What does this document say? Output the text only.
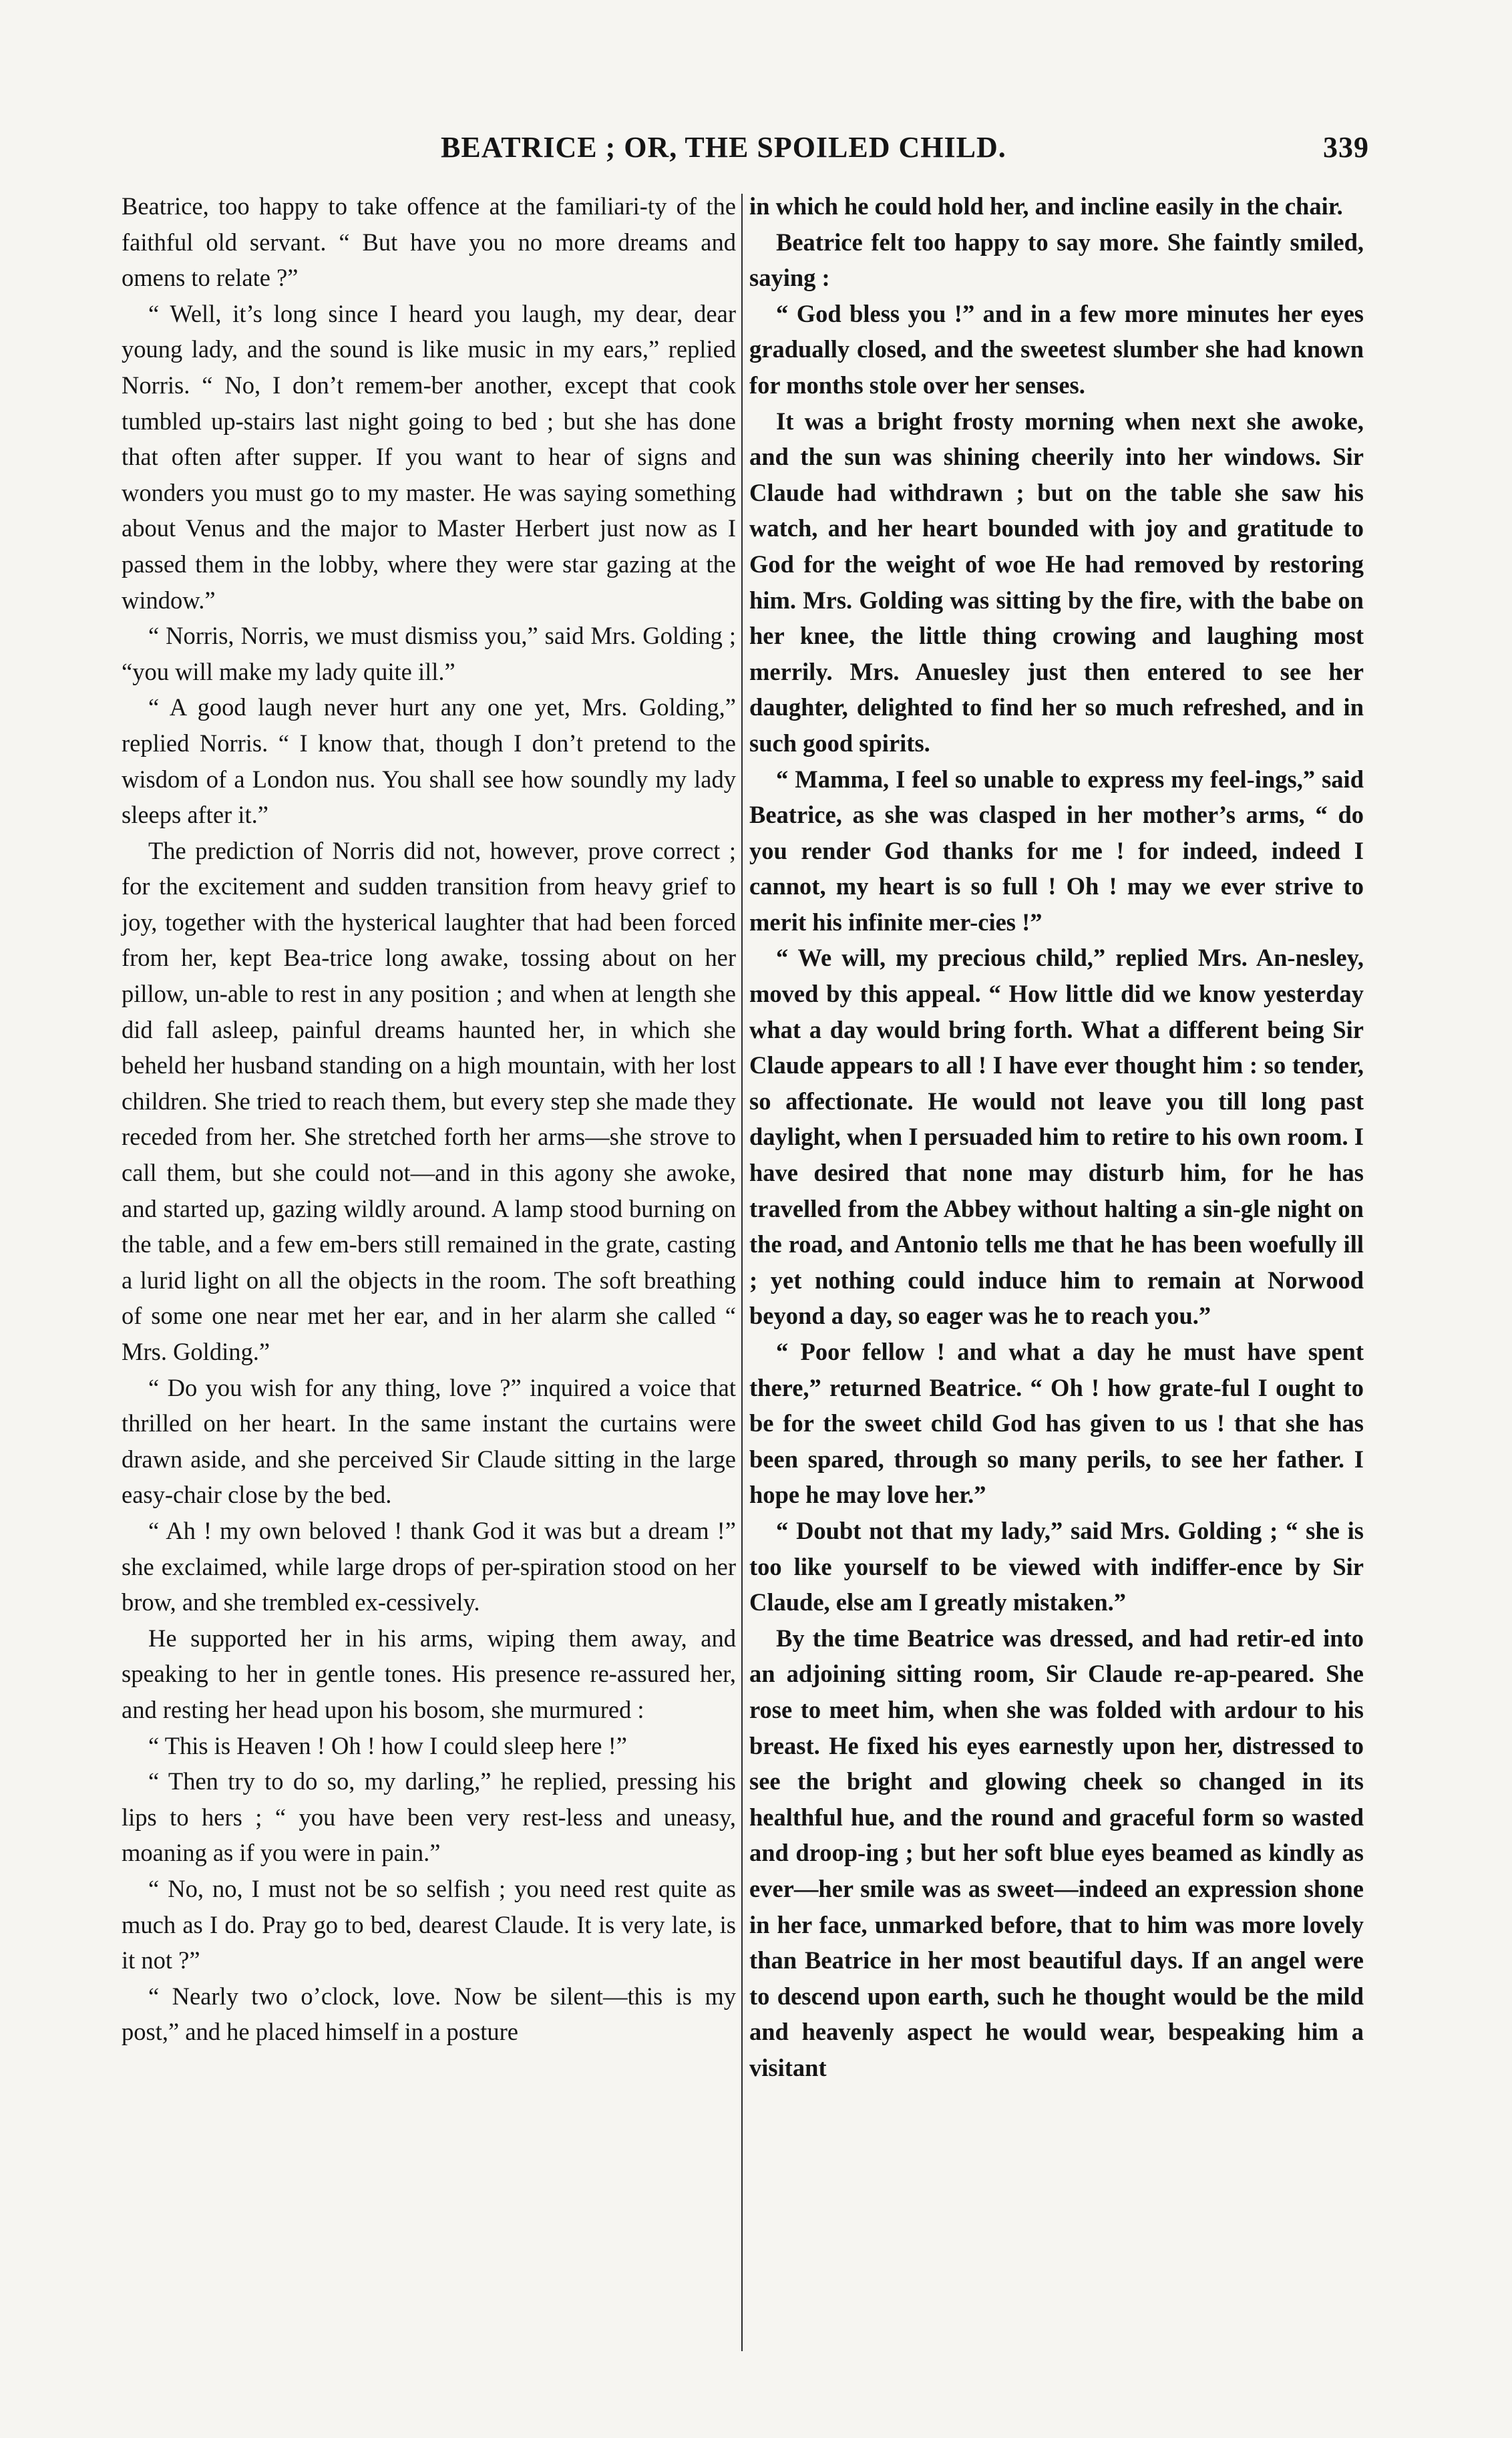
BEATRICE ; OR, THE SPOILED CHILD.	339

Beatrice, too happy to take offence at the familiari-ty of the faithful old servant. “ But have you no more dreams and omens to relate ?”

“ Well, it’s long since I heard you laugh, my dear, dear young lady, and the sound is like music in my ears,” replied Norris. “ No, I don’t remem-ber another, except that cook tumbled up-stairs last night going to bed ; but she has done that often after supper. If you want to hear of signs and wonders you must go to my master. He was saying something about Venus and the major to Master Herbert just now as I passed them in the lobby, where they were star gazing at the window.”

“ Norris, Norris, we must dismiss you,” said Mrs. Golding ; “you will make my lady quite ill.”

“ A good laugh never hurt any one yet, Mrs. Golding,” replied Norris. “ I know that, though I don’t pretend to the wisdom of a London nus. You shall see how soundly my lady sleeps after it.”

The prediction of Norris did not, however, prove correct ; for the excitement and sudden transition from heavy grief to joy, together with the hysterical laughter that had been forced from her, kept Bea-trice long awake, tossing about on her pillow, un-able to rest in any position ; and when at length she did fall asleep, painful dreams haunted her, in which she beheld her husband standing on a high mountain, with her lost children. She tried to reach them, but every step she made they receded from her. She stretched forth her arms—she strove to call them, but she could not—and in this agony she awoke, and started up, gazing wildly around. A lamp stood burning on the table, and a few em-bers still remained in the grate, casting a lurid light on all the objects in the room. The soft breathing of some one near met her ear, and in her alarm she called “ Mrs. Golding.”

“ Do you wish for any thing, love ?” inquired a voice that thrilled on her heart. In the same instant the curtains were drawn aside, and she perceived Sir Claude sitting in the large easy-chair close by the bed.

“ Ah ! my own beloved ! thank God it was but a dream !” she exclaimed, while large drops of per-spiration stood on her brow, and she trembled ex-cessively.

He supported her in his arms, wiping them away, and speaking to her in gentle tones. His presence re-assured her, and resting her head upon his bosom, she murmured :

“ This is Heaven ! Oh ! how I could sleep here !”

“ Then try to do so, my darling,” he replied, pressing his lips to hers ; “ you have been very rest-less and uneasy, moaning as if you were in pain.”

“ No, no, I must not be so selfish ; you need rest quite as much as I do. Pray go to bed, dearest Claude. It is very late, is it not ?”

“ Nearly two o’clock, love. Now be silent—this is my post,” and he placed himself in a posture

in which he could hold her, and incline easily in the chair.

Beatrice felt too happy to say more. She faintly smiled, saying :

“ God bless you !” and in a few more minutes her eyes gradually closed, and the sweetest slumber she had known for months stole over her senses.

It was a bright frosty morning when next she awoke, and the sun was shining cheerily into her windows. Sir Claude had withdrawn ; but on the table she saw his watch, and her heart bounded with joy and gratitude to God for the weight of woe He had removed by restoring him. Mrs. Golding was sitting by the fire, with the babe on her knee, the little thing crowing and laughing most merrily. Mrs. Anuesley just then entered to see her daughter, delighted to find her so much refreshed, and in such good spirits.

“ Mamma, I feel so unable to express my feel-ings,” said Beatrice, as she was clasped in her mother’s arms, “ do you render God thanks for me ! for indeed, indeed I cannot, my heart is so full ! Oh ! may we ever strive to merit his infinite mer-cies !”

“ We will, my precious child,” replied Mrs. An-nesley, moved by this appeal. “ How little did we know yesterday what a day would bring forth. What a different being Sir Claude appears to all ! I have ever thought him : so tender, so affectionate. He would not leave you till long past daylight, when I persuaded him to retire to his own room. I have desired that none may disturb him, for he has travelled from the Abbey without halting a sin-gle night on the road, and Antonio tells me that he has been woefully ill ; yet nothing could induce him to remain at Norwood beyond a day, so eager was he to reach you.”

“ Poor fellow ! and what a day he must have spent there,” returned Beatrice. “ Oh ! how grate-ful I ought to be for the sweet child God has given to us ! that she has been spared, through so many perils, to see her father. I hope he may love her.”

“ Doubt not that my lady,” said Mrs. Golding ; “ she is too like yourself to be viewed with indiffer-ence by Sir Claude, else am I greatly mistaken.”

By the time Beatrice was dressed, and had retir-ed into an adjoining sitting room, Sir Claude re-ap-peared. She rose to meet him, when she was folded with ardour to his breast. He fixed his eyes earnestly upon her, distressed to see the bright and glowing cheek so changed in its healthful hue, and the round and graceful form so wasted and droop-ing ; but her soft blue eyes beamed as kindly as ever—her smile was as sweet—indeed an expression shone in her face, unmarked before, that to him was more lovely than Beatrice in her most beautiful days. If an angel were to descend upon earth, such he thought would be the mild and heavenly aspect he would wear, bespeaking him a visitant
